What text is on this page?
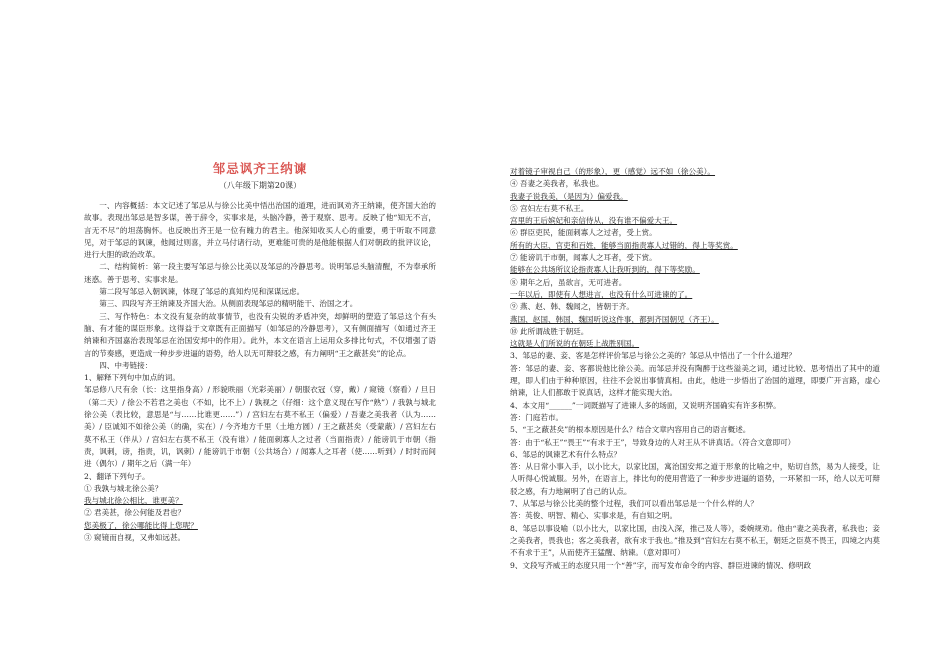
邹忌讽齐王纳谏
（八年级下期第20课）

一、内容概括：本文记述了邹忌从与徐公比美中悟出治国的道理，进而讽劝齐王纳谏，使齐国大治的故事。表现出邹忌是智多谋，善于辞令，实事求是，头脑冷静，善于观察、思考。反映了他“知无不言，言无不尽”的坦荡胸怀。也反映出齐王是一位有魄力的君主。他深知收买人心的重要，勇于听取不同意见，对于邹忌的讽谏，他闻过则喜，并立马付诸行动，更难能可贵的是他能根据人们对朝政的批评议论，进行大胆的政治改革。

二、结构简析：第一段主要写邹忌与徐公比美以及邹忌的冷静思考。说明邹忌头脑清醒，不为奉承所迷惑。善于思考、实事求是。

第二段写邹忌入朝讽谏，体现了邹忌的真知灼见和深谋远虑。

第三、四段写齐王纳谏及齐国大治。从侧面表现邹忌的精明能干、治国之才。

三、写作特色：本文没有复杂的故事情节，也没有尖锐的矛盾冲突，却鲜明的塑造了邹忌这个有头脑、有才能的谋臣形象。这得益于文章既有正面描写（如邹忌的冷静思考），又有侧面描写（如通过齐王纳谏和齐国嘉治表现邹忌在治国安邦中的作用）。此外，本文在语言上运用众多排比句式，不仅增强了语言的节奏感，更造成一种步步进逼的语势，给人以无可辩驳之感，有力阐明“王之蔽甚矣”的论点。

四、中考链接：

1、解释下列句中加点的词。

邹忌修八尺有余（长：这里指身高）/ 形貌昳丽（光彩美丽）/ 朝服衣冠（穿，戴）/ 窥镜（察看）/ 旦日（第二天）/ 徐公不若君之美也（不如，比不上）/ 孰视之（仔细：这个意义现在写作“熟”）/ 我孰与城北徐公美（表比较，意思是“与……比谁更……”）/ 宫妇左右莫不私王（偏爱）/ 吾妻之美我者（认为……美）/ 臣诚知不如徐公美（的确，实在）/ 今齐地方千里（土地方圆）/ 王之蔽甚矣（受蒙蔽）/ 宫妇左右莫不私王（伴从）/ 宫妇左右莫不私王（没有谁）/ 能面刺寡人之过者（当面指责）/ 能谤讥于市朝（指责，讽刺，谤，指责，讥，讽刺）/ 能谤讥于市朝（公共场合）/ 闻寡人之耳者（使……听到）/ 时时而间进（偶尔）/ 期年之后（满一年）

2、翻译下列句子。

① 我孰与城北徐公美？

我与城北徐公相比，谁更美？

② 君美甚，徐公何能及君也？

您美极了，徐公哪能比得上您呢？

③ 窥镜而自视，又弗如远甚。

对着镜子审视自己（的形象），更（感觉）远不如（徐公美）。

④ 吾妻之美我者，私我也。

我妻子说我美，（是因为）偏爱我。

⑤ 宫妇左右莫不私王。

宫里的王后嫔妃和亲信侍从，没有谁不偏爱大王。

⑥ 群臣吏民，能面刺寡人之过者，受上赏。

所有的大臣、官吏和百姓，能够当面指责寡人过错的，得上等奖赏。

⑦ 能谤讥于市朝，闻寡人之耳者，受下赏。

能够在公共场所议论指责寡人让我听到的，得下等奖励。

⑧ 期年之后，虽欲言，无可进者。

一年以后，即使有人想进言，也没有什么可进谏的了。

⑨ 燕、赵、韩、魏闻之，皆朝于齐。

燕国、赵国、韩国、魏国听说这件事，都到齐国朝见（齐王）。

⑩ 此所谓战胜于朝廷。

这就是人们所说的在朝廷上战胜别国。

3、邹忌的妻、妾、客是怎样评价邹忌与徐公之美的？邹忌从中悟出了一个什么道理？

答：邹忌的妻、妾、客都说他比徐公美。而邹忌并没有陶醉于这些溢美之词，通过比较、思考悟出了其中的道理，即人们由于种种原因，往往不会说出事情真相。由此，他进一步悟出了治国的道理，即要广开言路，虚心纳谏，让人们都敢于说真话，这样才能实现大治。

4、本文用“______”一词既描写了进谏人多的场面，又说明齐国确实有许多积弊。

答：门庭若市。

5、“王之蔽甚矣”的根本原因是什么？结合文章内容用自己的语言概述。

答：由于“私王”“畏王”“有求于王”，导致身边的人对王从不讲真话。（符合文意即可）

6、邹忌的讽谏艺术有什么特点？

答：从日常小事入手，以小比大，以家比国，寓治国安邦之道于形象的比喻之中，贴切自然，易为人接受，让人听得心悦诚服。另外，在语言上，排比句的使用营造了一种步步进逼的语势，一环紧扣一环，给人以无可辩驳之感，有力地阐明了自己的认点。

7、从邹忌与徐公比美的整个过程，我们可以看出邹忌是一个什么样的人？

答：英俊、明智、精心、实事求是，有自知之明。

8、邹忌以事设喻（以小比大，以家比国，由浅入深，推己及人等），委婉规劝。他由“妻之美我者，私我也；妾之美我者，畏我也；客之美我者，欲有求于我也。”推及到“宫妇左右莫不私王，朝廷之臣莫不畏王，四境之内莫不有求于王”，从而使齐王猛醒、纳谏。（意对即可）

9、文段写齐威王的态度只用一个“善”字，而写发布命令的内容、群臣进谏的情况、修明政
